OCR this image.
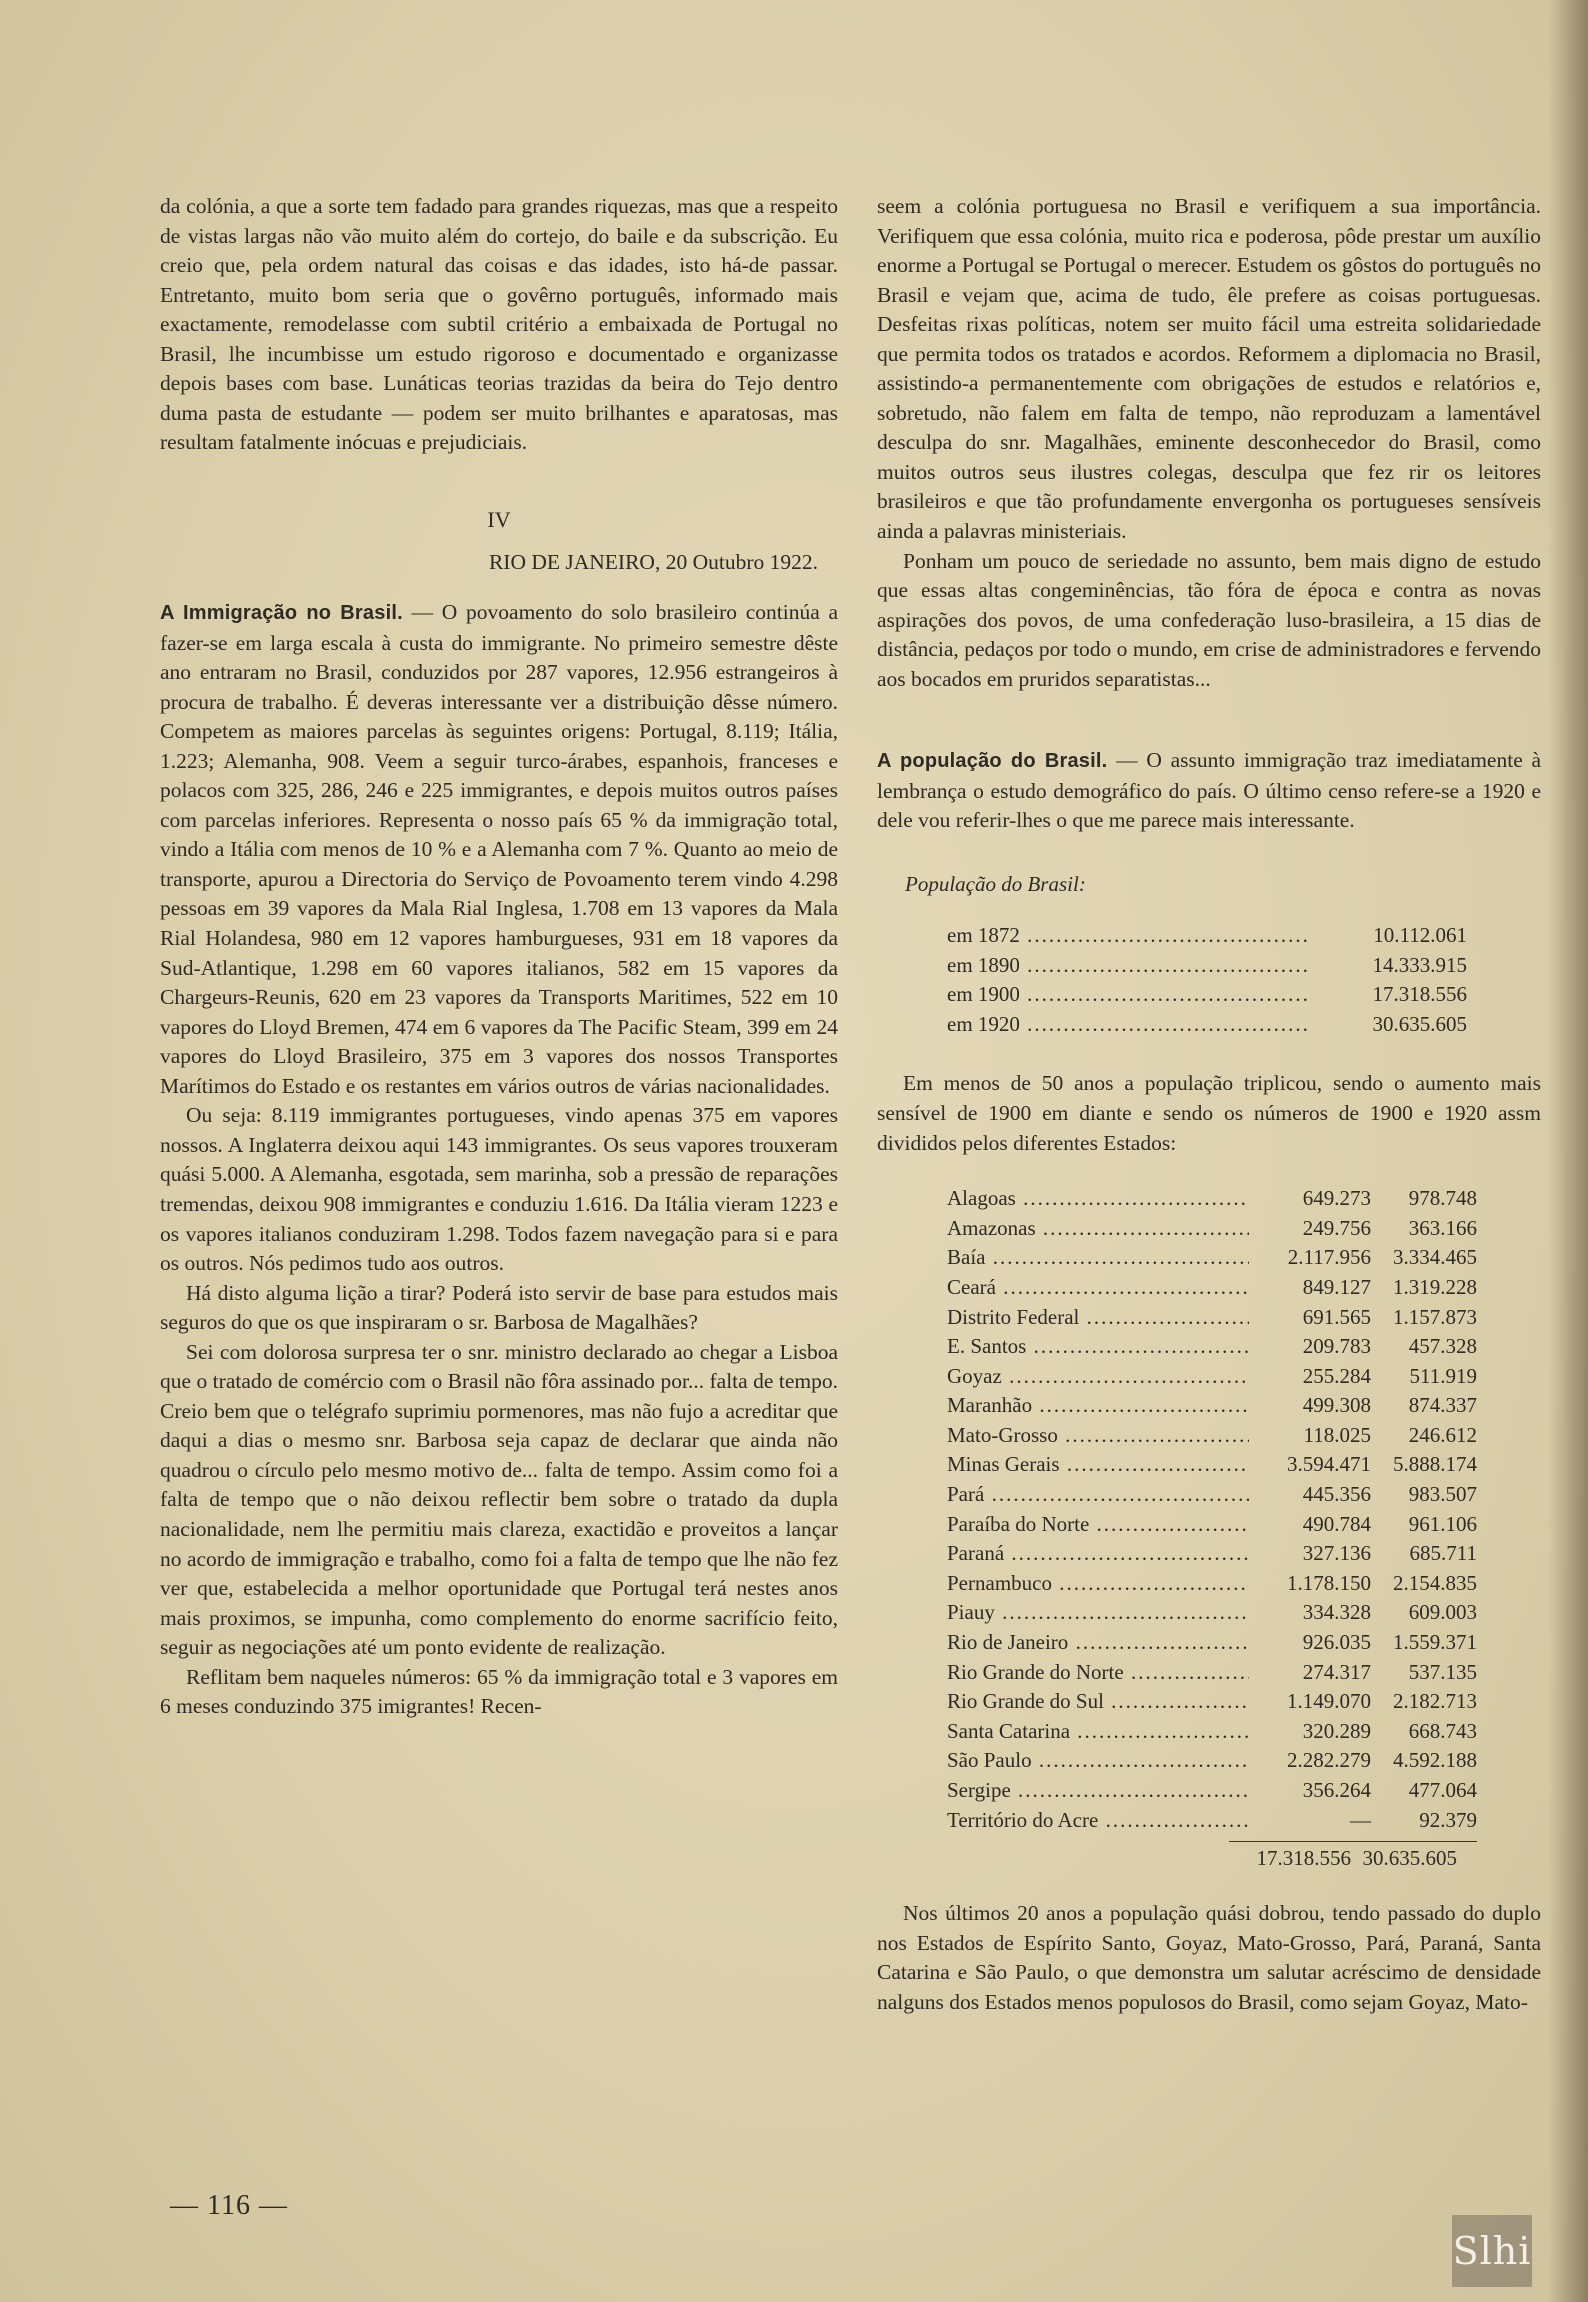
da colónia, a que a sorte tem fadado para grandes riquezas, mas que a respeito de vistas largas não vão muito além do cortejo, do baile e da subscrição. Eu creio que, pela ordem natural das coisas e das idades, isto há-de passar. Entretanto, muito bom seria que o govêrno português, informado mais exactamente, remodelasse com subtil critério a embaixada de Portugal no Brasil, lhe incumbisse um estudo rigoroso e documentado e organizasse depois bases com base. Lunáticas teorias trazidas da beira do Tejo dentro duma pasta de estudante — podem ser muito brilhantes e aparatosas, mas resultam fatalmente inócuas e prejudiciais.

IV

RIO DE JANEIRO, 20 Outubro 1922.

A Immigração no Brasil. — O povoamento do solo brasileiro continúa a fazer-se em larga escala à custa do immigrante. No primeiro semestre dêste ano entraram no Brasil, conduzidos por 287 vapores, 12.956 estrangeiros à procura de trabalho. É deveras interessante ver a distribuição dêsse número. Competem as maiores parcelas às seguintes origens: Portugal, 8.119; Itália, 1.223; Alemanha, 908. Veem a seguir turco-árabes, espanhois, franceses e polacos com 325, 286, 246 e 225 immigrantes, e depois muitos outros países com parcelas inferiores. Representa o nosso país 65 % da immigração total, vindo a Itália com menos de 10 % e a Alemanha com 7 %. Quanto ao meio de transporte, apurou a Directoria do Serviço de Povoamento terem vindo 4.298 pessoas em 39 vapores da Mala Rial Inglesa, 1.708 em 13 vapores da Mala Rial Holandesa, 980 em 12 vapores hamburgueses, 931 em 18 vapores da Sud-Atlantique, 1.298 em 60 vapores italianos, 582 em 15 vapores da Chargeurs-Reunis, 620 em 23 vapores da Transports Maritimes, 522 em 10 vapores do Lloyd Bremen, 474 em 6 vapores da The Pacific Steam, 399 em 24 vapores do Lloyd Brasileiro, 375 em 3 vapores dos nossos Transportes Marítimos do Estado e os restantes em vários outros de várias nacionalidades.

Ou seja: 8.119 immigrantes portugueses, vindo apenas 375 em vapores nossos. A Inglaterra deixou aqui 143 immigrantes. Os seus vapores trouxeram quási 5.000. A Alemanha, esgotada, sem marinha, sob a pressão de reparações tremendas, deixou 908 immigrantes e conduziu 1.616. Da Itália vieram 1223 e os vapores italianos conduziram 1.298. Todos fazem navegação para si e para os outros. Nós pedimos tudo aos outros.

Há disto alguma lição a tirar? Poderá isto servir de base para estudos mais seguros do que os que inspiraram o sr. Barbosa de Magalhães?

Sei com dolorosa surpresa ter o snr. ministro declarado ao chegar a Lisboa que o tratado de comércio com o Brasil não fôra assinado por... falta de tempo. Creio bem que o telégrafo suprimiu pormenores, mas não fujo a acreditar que daqui a dias o mesmo snr. Barbosa seja capaz de declarar que ainda não quadrou o círculo pelo mesmo motivo de... falta de tempo. Assim como foi a falta de tempo que o não deixou reflectir bem sobre o tratado da dupla nacionalidade, nem lhe permitiu mais clareza, exactidão e proveitos a lançar no acordo de immigração e trabalho, como foi a falta de tempo que lhe não fez ver que, estabelecida a melhor oportunidade que Portugal terá nestes anos mais proximos, se impunha, como complemento do enorme sacrifício feito, seguir as negociações até um ponto evidente de realização.

Reflitam bem naqueles números: 65 % da immigração total e 3 vapores em 6 meses conduzindo 375 imigrantes! Recen-

seem a colónia portuguesa no Brasil e verifiquem a sua importância. Verifiquem que essa colónia, muito rica e poderosa, pôde prestar um auxílio enorme a Portugal se Portugal o merecer. Estudem os gôstos do português no Brasil e vejam que, acima de tudo, êle prefere as coisas portuguesas. Desfeitas rixas políticas, notem ser muito fácil uma estreita solidariedade que permita todos os tratados e acordos. Reformem a diplomacia no Brasil, assistindo-a permanentemente com obrigações de estudos e relatórios e, sobretudo, não falem em falta de tempo, não reproduzam a lamentável desculpa do snr. Magalhães, eminente desconhecedor do Brasil, como muitos outros seus ilustres colegas, desculpa que fez rir os leitores brasileiros e que tão profundamente envergonha os portugueses sensíveis ainda a palavras ministeriais.

Ponham um pouco de seriedade no assunto, bem mais digno de estudo que essas altas congeminências, tão fóra de época e contra as novas aspirações dos povos, de uma confederação luso-brasileira, a 15 dias de distância, pedaços por todo o mundo, em crise de administradores e fervendo aos bocados em pruridos separatistas...

A população do Brasil. — O assunto immigração traz imediatamente à lembrança o estudo demográfico do país. O último censo refere-se a 1920 e dele vou referir-lhes o que me parece mais interessante.

População do Brasil:

em 1872 .....	10.112.061
em 1890 .....	14.333.915
em 1900 .....	17.318.556
em 1920 .....	30.635.605

Em menos de 50 anos a população triplicou, sendo o aumento mais sensível de 1900 em diante e sendo os números de 1900 e 1920 assm divididos pelos diferentes Estados:

Alagoas .....	649.273	978.748
Amazonas .....	249.756	363.166
Baía .....	2.117.956	3.334.465
Ceará .....	849.127	1.319.228
Distrito Federal .....	691.565	1.157.873
E. Santos .....	209.783	457.328
Goyaz .....	255.284	511.919
Maranhão .....	499.308	874.337
Mato-Grosso .....	118.025	246.612
Minas Gerais .....	3.594.471	5.888.174
Pará .....	445.356	983.507
Paraíba do Norte .....	490.784	961.106
Paraná .....	327.136	685.711
Pernambuco .....	1.178.150	2.154.835
Piauy .....	334.328	609.003
Rio de Janeiro .....	926.035	1.559.371
Rio Grande do Norte .....	274.317	537.135
Rio Grande do Sul .....	1.149.070	2.182.713
Santa Catarina .....	320.289	668.743
São Paulo .....	2.282.279	4.592.188
Sergipe .....	356.264	477.064
Território do Acre .....	—	92.379
17.318.556 30.635.605

Nos últimos 20 anos a população quási dobrou, tendo passado do duplo nos Estados de Espírito Santo, Goyaz, Mato-Grosso, Pará, Paraná, Santa Catarina e São Paulo, o que demonstra um salutar acréscimo de densidade nalguns dos Estados menos populosos do Brasil, como sejam Goyaz, Mato-

— 116 —
Slhi
